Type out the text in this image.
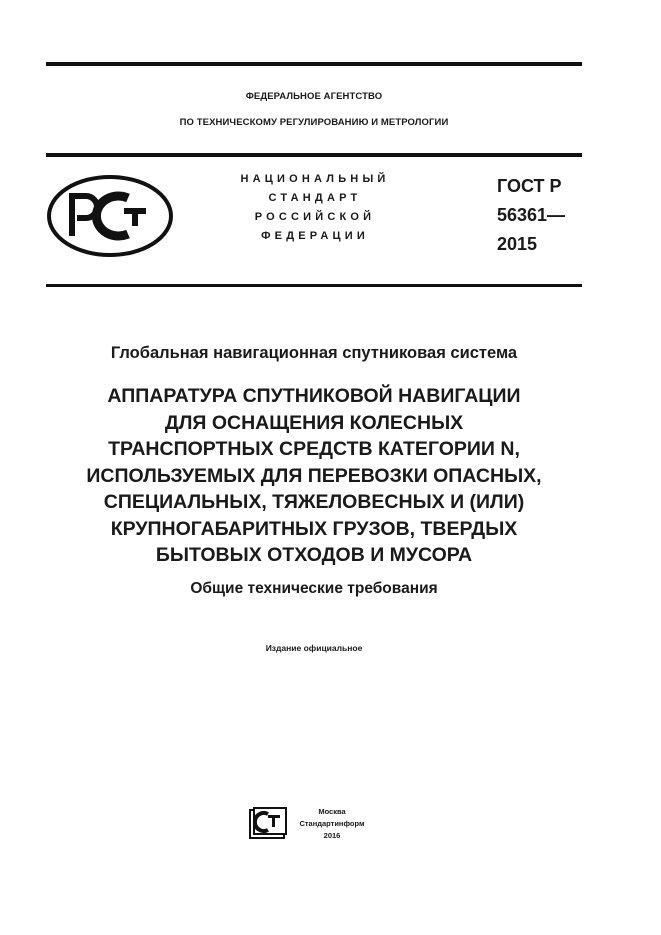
ФЕДЕРАЛЬНОЕ АГЕНТСТВО
ПО ТЕХНИЧЕСКОМУ РЕГУЛИРОВАНИЮ И МЕТРОЛОГИИ
НАЦИОНАЛЬНЫЙ
СТАНДАРТ
РОССИЙСКОЙ
ФЕДЕРАЦИИ
ГОСТ Р
56361—
2015
Глобальная навигационная спутниковая система
АППАРАТУРА СПУТНИКОВОЙ НАВИГАЦИИ
ДЛЯ ОСНАЩЕНИЯ КОЛЕСНЫХ
ТРАНСПОРТНЫХ СРЕДСТВ КАТЕГОРИИ N,
ИСПОЛЬЗУЕМЫХ ДЛЯ ПЕРЕВОЗКИ ОПАСНЫХ,
СПЕЦИАЛЬНЫХ, ТЯЖЕЛОВЕСНЫХ И (ИЛИ)
КРУПНОГАБАРИТНЫХ ГРУЗОВ, ТВЕРДЫХ
БЫТОВЫХ ОТХОДОВ И МУСОРА
Общие технические требования
Издание официальное
Москва
Стандартинформ
2016
